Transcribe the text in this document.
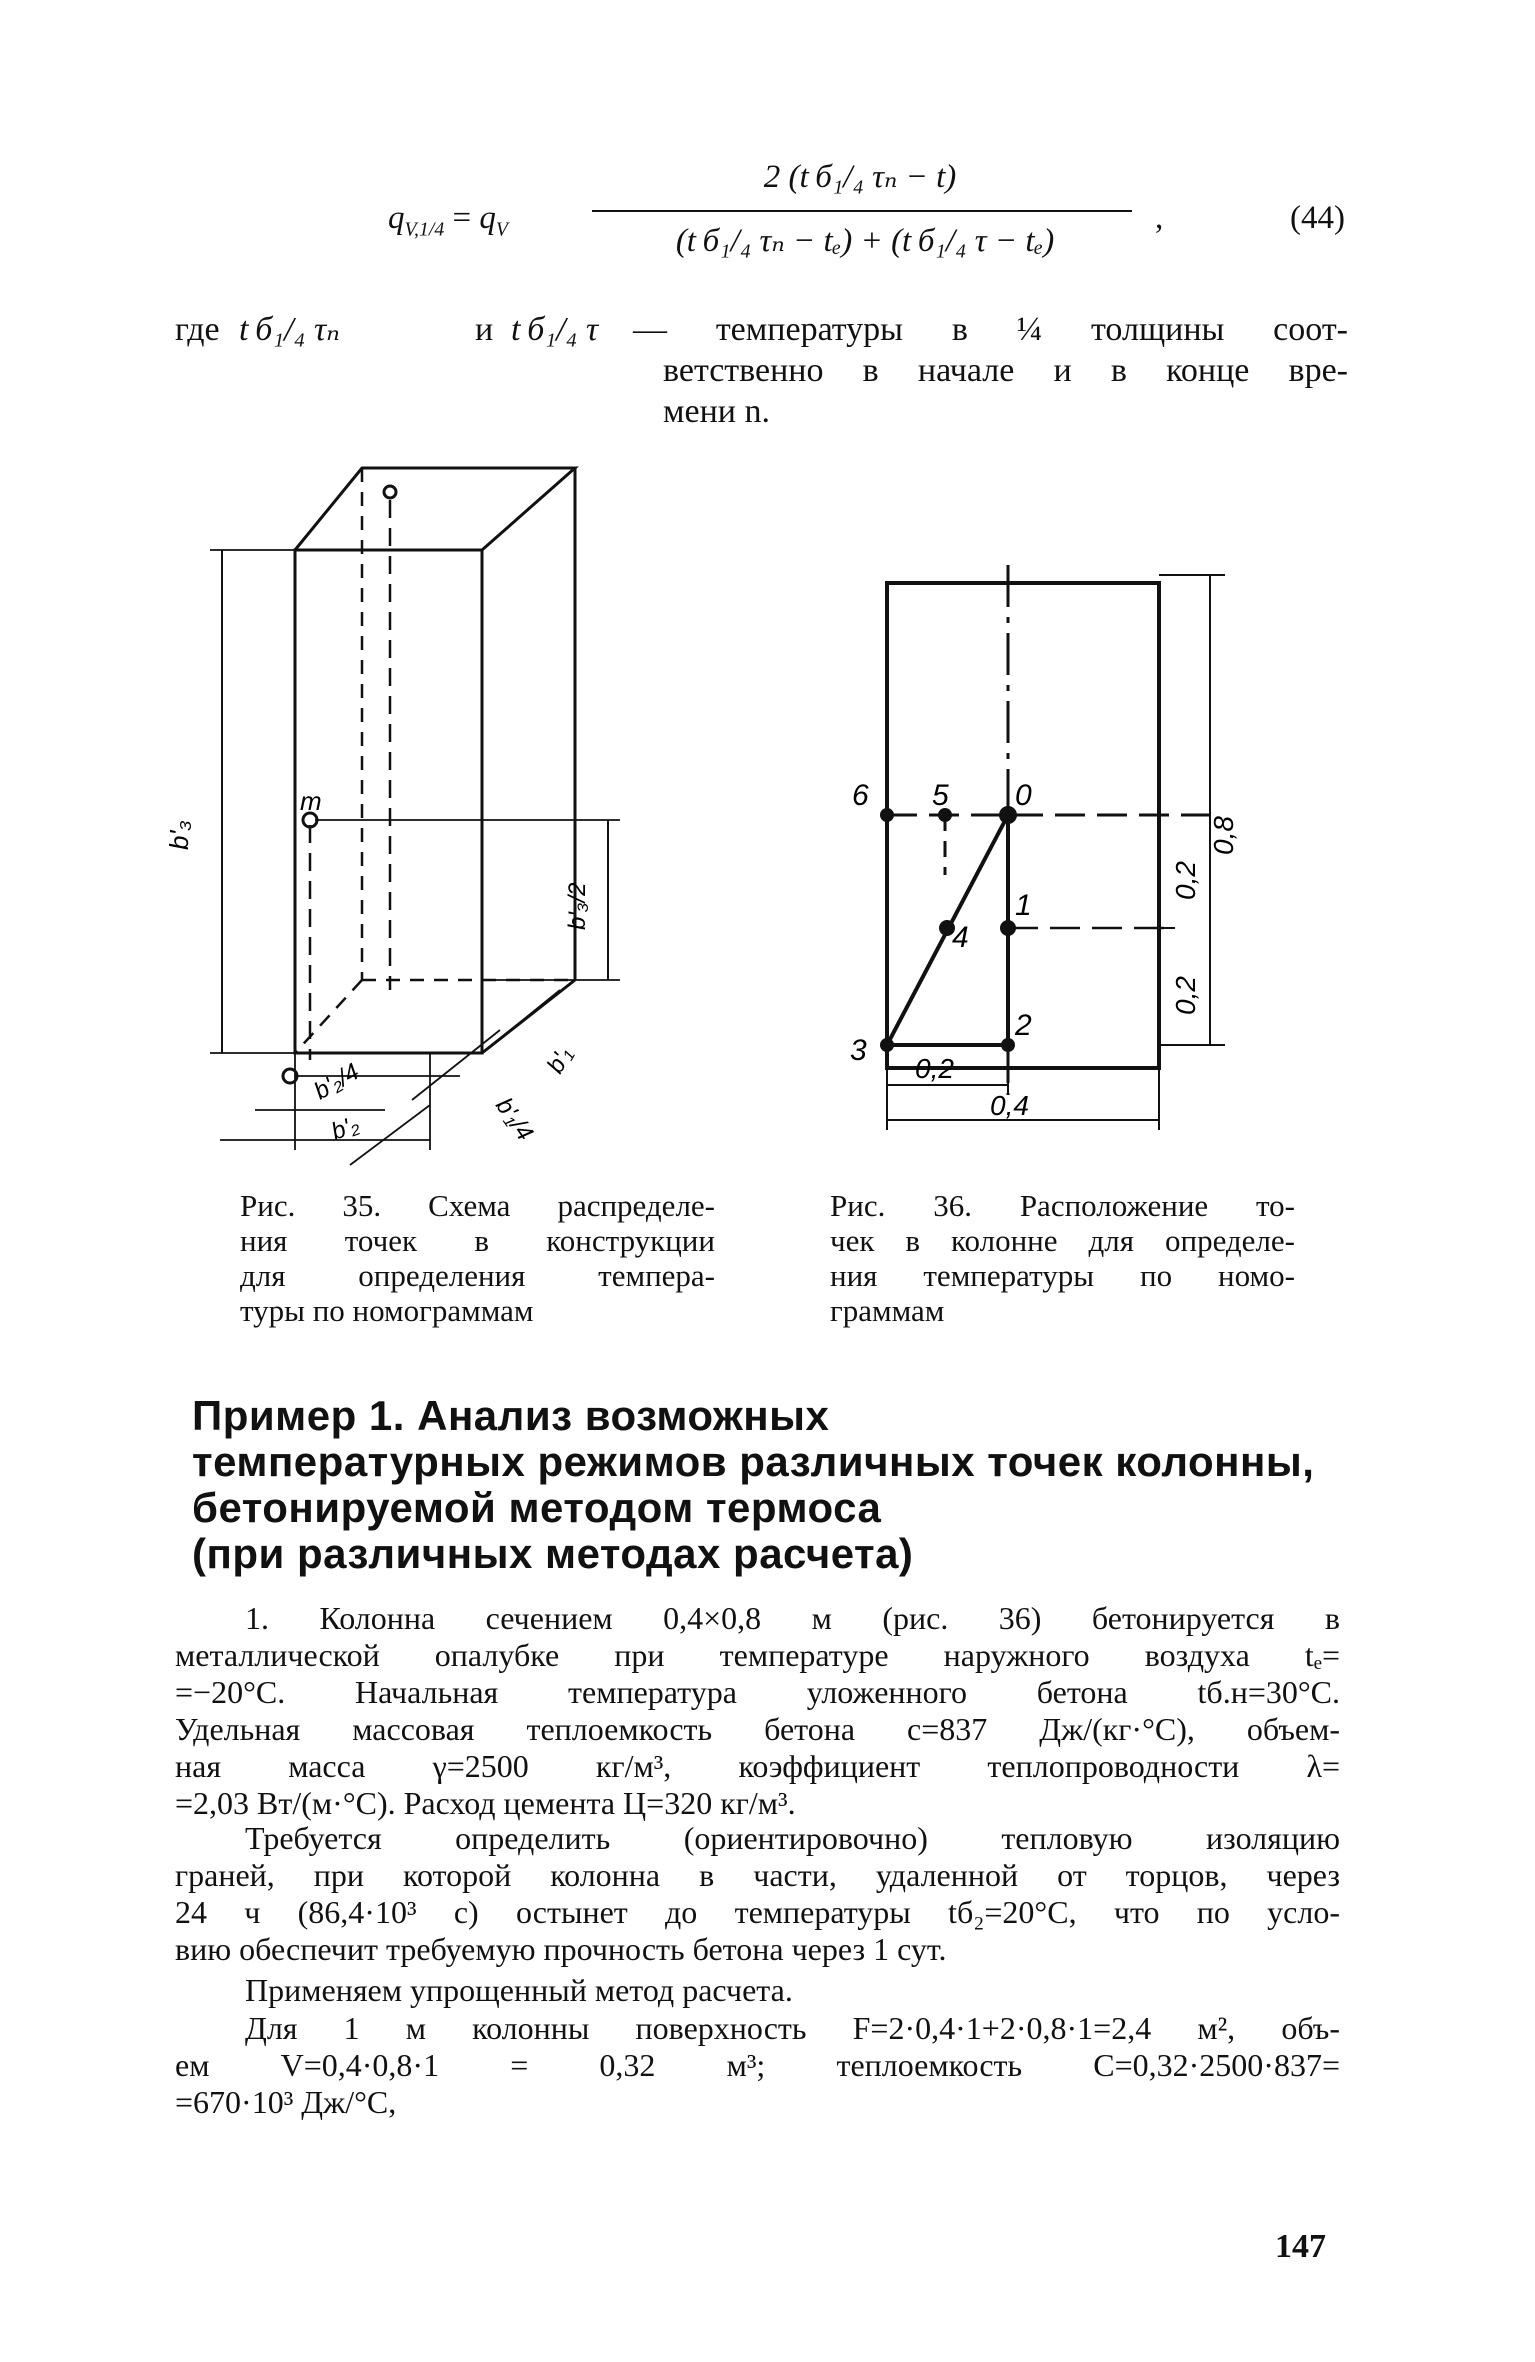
$q_{V,1/4} = q_V$
2 (t б₁/₄ τₙ − t)
(t б₁/₄ τₙ − tₑ) + (t б₁/₄ τ − tₑ)
,	(44)
где t б₁/₄ τₙ	и t б₁/₄ τ — температуры в ¼ толщины соот-
ветственно в начале и в конце вре-
мени n.
m
b'₃
b'₃/2
b'₁
b'₂/4
b'₂	b'₁/4
Рис. 35. Схема распределе-
ния точек в конструкции
для определения темпера-
туры по номограммам
6 5 0
1
4
3
2
0,2
0,2
0,8
0,2
0,4
Рис. 36. Расположение то-
чек в колонне для определе-
ния температуры по номо-
граммам
Пример 1. Анализ возможных
температурных режимов различных точек колонны,
бетонируемой методом термоса
(при различных методах расчета)
1. Колонна сечением 0,4×0,8 м (рис. 36) бетонируется в
металлической опалубке при температуре наружного воздуха tₑ=
=−20°C. Начальная температура уложенного бетона tб.н=30°C.
Удельная массовая теплоемкость бетона c=837 Дж/(кг·°С), объем-
ная масса γ=2500 кг/м³, коэффициент теплопроводности λ=
=2,03 Вт/(м·°С). Расход цемента Ц=320 кг/м³.
Требуется определить (ориентировочно) тепловую изоляцию
граней, при которой колонна в части, удаленной от торцов, через
24 ч (86,4·10³ с) остынет до температуры tб₂=20°С, что по усло-
вию обеспечит требуемую прочность бетона через 1 сут.
Применяем упрощенный метод расчета.
Для 1 м колонны поверхность F=2·0,4·1+2·0,8·1=2,4 м², объ-
ем V=0,4·0,8·1 = 0,32 м³; теплоемкость C=0,32·2500·837=
=670·10³ Дж/°С,
147
